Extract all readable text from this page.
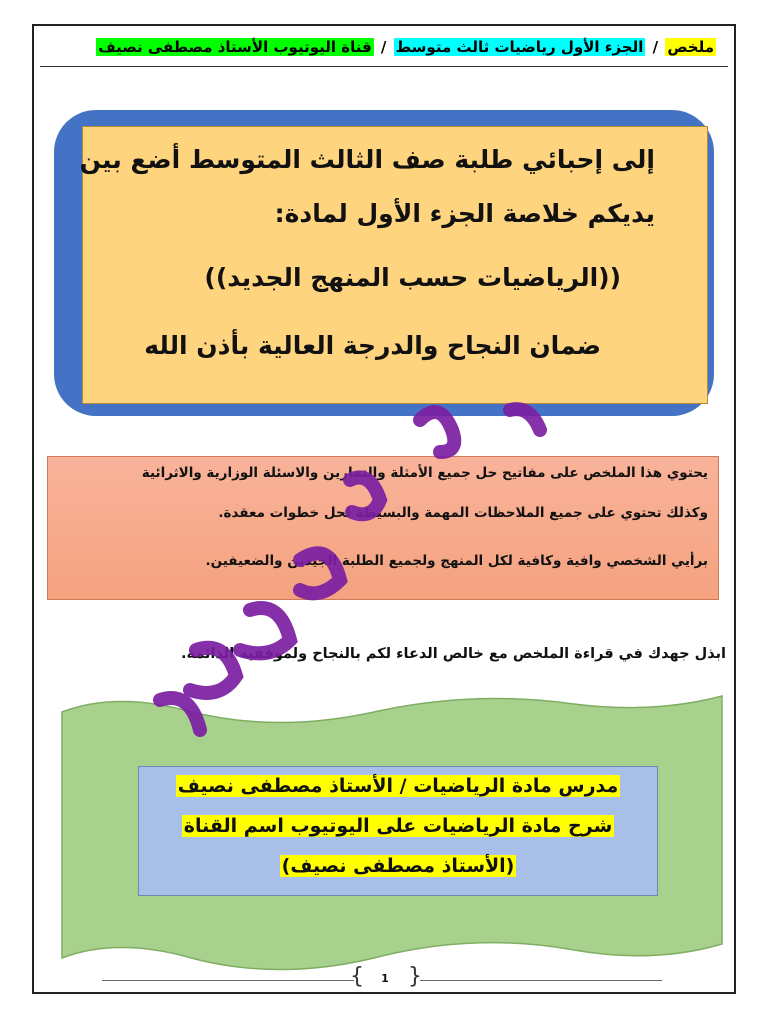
ملخص / الجزء الأول رياضيات ثالث متوسط / قناة اليوتيوب الأستاذ مصطفى نصيف
إلى إحبائي طلبة صف الثالث المتوسط أضع بين
يديكم خلاصة الجزء الأول لمادة:
((الرياضيات حسب المنهج الجديد))
ضمان النجاح والدرجة العالية بأذن الله
يحتوي هذا الملخص على مفاتيح حل جميع الأمثلة والتمارين والاسئلة الوزارية والاثرائية
وكذلك تحتوي على جميع الملاحظات المهمة والبسيطة لحل خطوات معقدة.
برأيي الشخصي وافية وكافية لكل المنهج ولجميع الطلبة الجيدين والضعيفين.
ابذل جهدك في قراءة الملخص مع خالص الدعاء لكم بالنجاح ولموفقيه الدائمة.
مدرس مادة الرياضيات / الأستاذ مصطفى نصيف
شرح مادة الرياضيات على اليوتيوب اسم القناة
(الأستاذ مصطفى نصيف)
{	1 }
